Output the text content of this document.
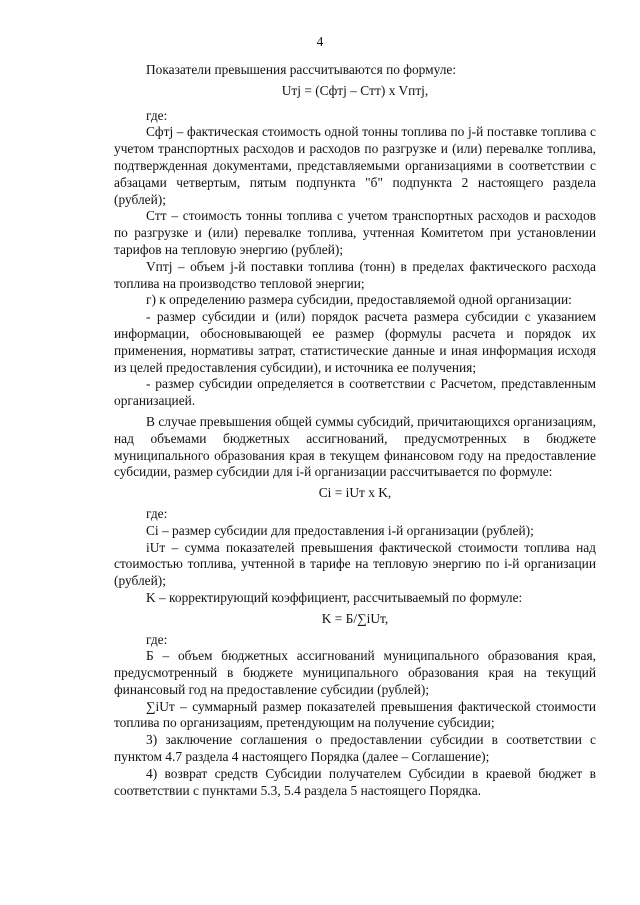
4

Показатели превышения рассчитываются по формуле:

Uтj = (Cфтj – Cтт) x Vптj,

где:

Cфтj – фактическая стоимость одной тонны топлива по j-й поставке топлива с учетом транспортных расходов и расходов по разгрузке и (или) перевалке топлива, подтвержденная документами, представляемыми организациями в соответствии с абзацами четвертым, пятым подпункта "б" подпункта 2 настоящего раздела (рублей);

Cтт – стоимость тонны топлива с учетом транспортных расходов и расходов по разгрузке и (или) перевалке топлива, учтенная Комитетом при установлении тарифов на тепловую энергию (рублей);

Vптj – объем j-й поставки топлива (тонн) в пределах фактического расхода топлива на производство тепловой энергии;

г) к определению размера субсидии, предоставляемой одной организации:

- размер субсидии и (или) порядок расчета размера субсидии с указанием информации, обосновывающей ее размер (формулы расчета и порядок их применения, нормативы затрат, статистические данные и иная информация исходя из целей предоставления субсидии), и источника ее получения;

- размер субсидии определяется в соответствии с Расчетом, представленным организацией.

В случае превышения общей суммы субсидий, причитающихся организациям, над объемами бюджетных ассигнований, предусмотренных в бюджете муниципального образования края в текущем финансовом году на предоставление субсидии, размер субсидии для i-й организации рассчитывается по формуле:

Ci = iUт x K,

где:

Ci – размер субсидии для предоставления i-й организации (рублей);

iUт – сумма показателей превышения фактической стоимости топлива над стоимостью топлива, учтенной в тарифе на тепловую энергию по i-й организации (рублей);

K – корректирующий коэффициент, рассчитываемый по формуле:

K = Б/∑iUт,

где:

Б – объем бюджетных ассигнований муниципального образования края, предусмотренный в бюджете муниципального образования края на текущий финансовый год на предоставление субсидии (рублей);

∑iUт – суммарный размер показателей превышения фактической стоимости топлива по организациям, претендующим на получение субсидии;

3) заключение соглашения о предоставлении субсидии в соответствии с пунктом 4.7 раздела 4 настоящего Порядка (далее – Соглашение);

4) возврат средств Субсидии получателем Субсидии в краевой бюджет в соответствии с пунктами 5.3, 5.4 раздела 5 настоящего Порядка.
